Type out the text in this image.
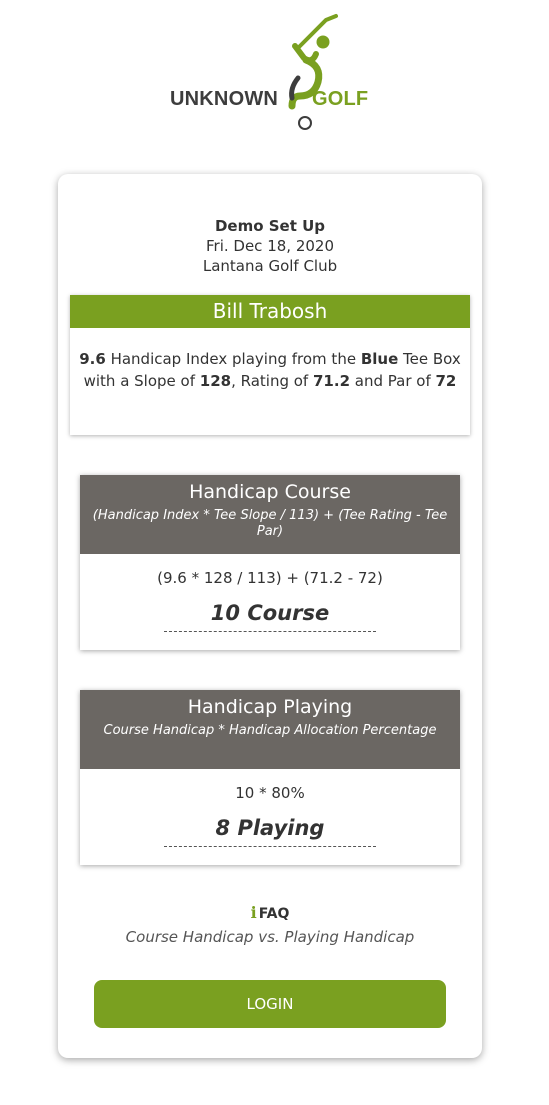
UNKNOWN GOLF
Demo Set Up
Fri. Dec 18, 2020
Lantana Golf Club
Bill Trabosh
9.6 Handicap Index playing from the Blue Tee Box with a Slope of 128, Rating of 71.2 and Par of 72
Handicap Course
(Handicap Index * Tee Slope / 113) + (Tee Rating - Tee Par)
(9.6 * 128 / 113) + (71.2 - 72)
10 Course
Handicap Playing
Course Handicap * Handicap Allocation Percentage
10 * 80%
8 Playing
i FAQ
Course Handicap vs. Playing Handicap
LOGIN
